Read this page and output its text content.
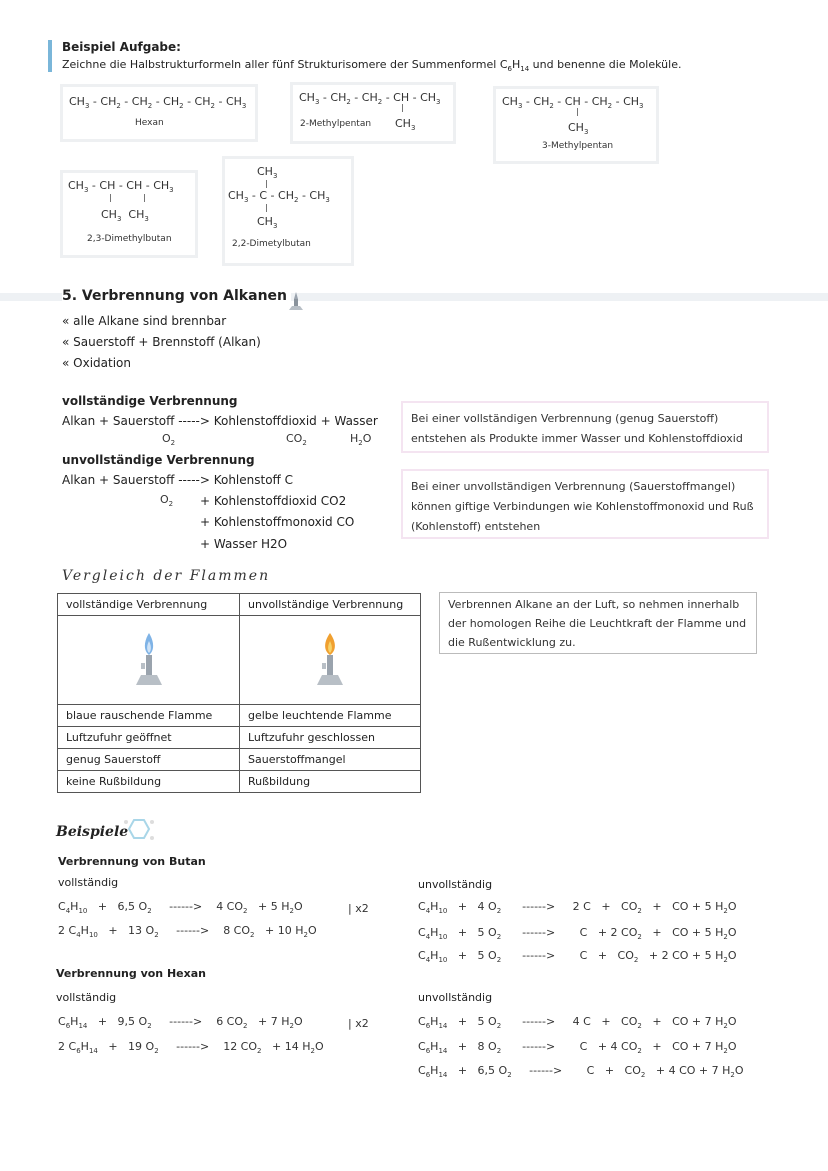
Beispiel Aufgabe:
Zeichne die Halbstrukturformeln aller fünf Strukturisomere der Summenformel $C_6H_{14}$ und benenne die Moleküle.
$CH_3 - CH_2 - CH_2 - CH_2 - CH_2 - CH_3$
Hexan
$CH_3 - CH_2 - CH_2$ - CH - $CH_3$
|
$CH_3$
2-Methylpentan
$CH_3 - CH_2$ - CH - $CH_2 - CH_3$
|
$CH_3$
3-Methylpentan
$CH_3$ - CH - CH - $CH_3$
|	|
$CH_3$  $CH_3$
2,3-Dimethylbutan
$CH_3$
|
$CH_3$ - C - $CH_2 - CH_3$
|
$CH_3$
2,2-Dimetylbutan
5. Verbrennung von Alkanen
« alle Alkane sind brennbar
« Sauerstoff + Brennstoff (Alkan)
« Oxidation
vollständige Verbrennung
Alkan + Sauerstoff -----> Kohlenstoffdioxid + Wasser
$O_2$	$CO_2$	$H_2O$
Bei einer vollständigen Verbrennung (genug Sauerstoff) entstehen als Produkte immer Wasser und Kohlenstoffdioxid
unvollständige Verbrennung
Alkan + Sauerstoff -----> Kohlenstoff C
$O_2$ + Kohlenstoffdioxid CO2
+ Kohlenstoffmonoxid CO
+ Wasser H2O
Bei einer unvollständigen Verbrennung (Sauerstoffmangel) können giftige Verbindungen wie Kohlenstoffmonoxid und Ruß (Kohlenstoff) entstehen
Vergleich der Flammen
vollständige Verbrennung	unvollständige Verbrennung

blaue rauschende Flamme	gelbe leuchtende Flamme
Luftzufuhr geöffnet	Luftzufuhr geschlossen
genug Sauerstoff	Sauerstoffmangel
keine Rußbildung	Rußbildung
Verbrennen Alkane an der Luft, so nehmen innerhalb der homologen Reihe die Leuchtkraft der Flamme und die Rußentwicklung zu.
Beispiele
Verbrennung von Butan
vollständig	unvollständig
$C_4H_{10} + 6,5$ $O_2$     ------>    4 $CO_2 + 5$ $H_2O$	| x2
2 $C_4H_{10} + 13$ $O_2$     ------>    8 $CO_2 + 10$ $H_2O$
$C_4H_{10} + 4$ $O_2$      ------>     2 $C + CO_2$   +   CO + 5 $H_2O$
$C_4H_{10} + 5$ $O_2$      ------>       C   + 2 $CO_2$   +   CO + 5 $H_2O$
$C_4H_{10} + 5$ $O_2$      ------>       $C + CO_2 + 2$ CO + 5 $H_2O$
Verbrennung von Hexan
vollständig	unvollständig
$C_6H_{14} + 9,5$ $O_2$     ------>    6 $CO_2 + 7$ $H_2O$	| x2
2 $C_6H_{14} + 19$ $O_2$     ------>    12 $CO_2 + 14$ $H_2O$
$C_6H_{14} + 5$ $O_2$      ------>     4 $C + CO_2$   +   CO + 7 $H_2O$
$C_6H_{14} + 8$ $O_2$      ------>       C   + 4 $CO_2$   +   CO + 7 $H_2O$
$C_6H_{14} + 6,5$ $O_2$     ------>       $C + CO_2 + 4$ CO + 7 $H_2O$
